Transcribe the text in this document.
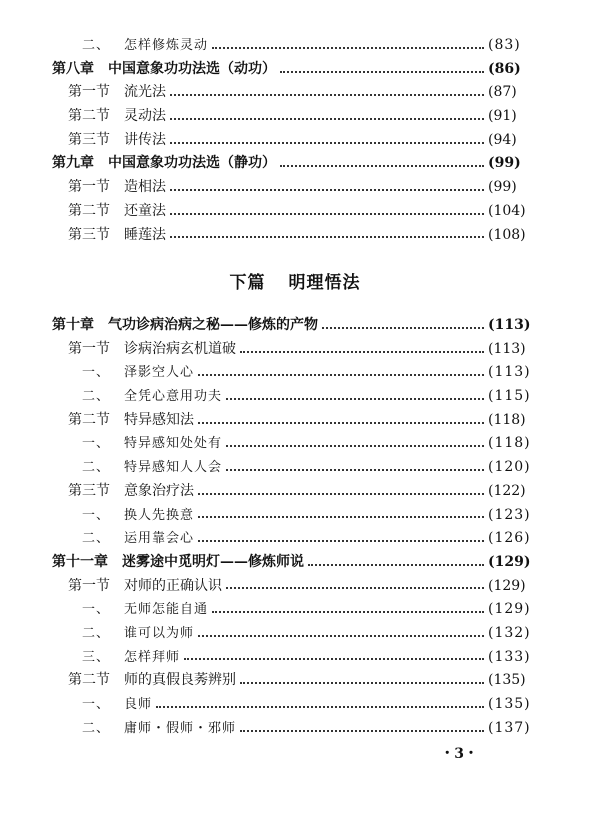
二、 怎样修炼灵动	(83)
第八章 中国意象功功法选（动功）	(86)
第一节 流光法	(87)
第二节 灵动法	(91)
第三节 讲传法	(94)
第九章 中国意象功功法选（静功）	(99)
第一节 造相法	(99)
第二节 还童法	(104)
第三节 睡莲法	(108)
下篇 明理悟法
第十章 气功诊病治病之秘——修炼的产物	(113)
第一节 诊病治病玄机道破	(113)
一、 泽影空人心	(113)
二、 全凭心意用功夫	(115)
第二节 特异感知法	(118)
一、 特异感知处处有	(118)
二、 特异感知人人会	(120)
第三节 意象治疗法	(122)
一、 换人先换意	(123)
二、 运用靠会心	(126)
第十一章 迷雾途中觅明灯——修炼师说	(129)
第一节 对师的正确认识	(129)
一、 无师怎能自通	(129)
二、 谁可以为师	(132)
三、 怎样拜师	(133)
第二节 师的真假良莠辨别	(135)
一、 良师	(135)
二、 庸师・假师・邪师	(137)
・3・
